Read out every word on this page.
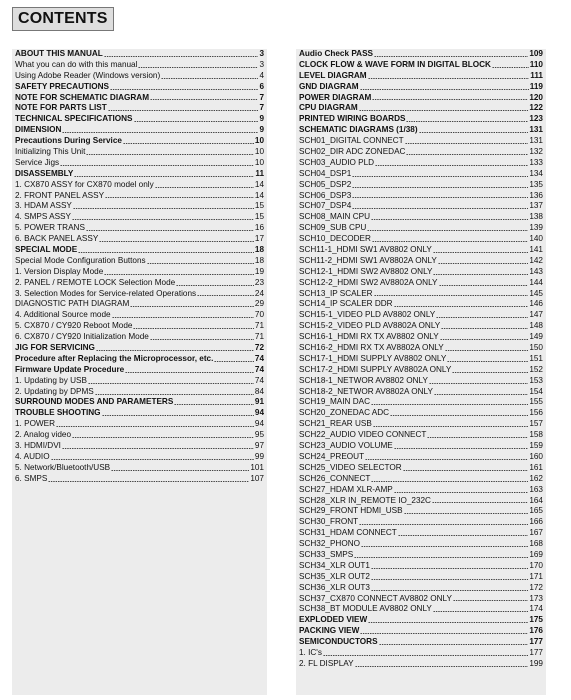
CONTENTS
ABOUT THIS MANUAL	3
What you can do with this manual	3
Using Adobe Reader (Windows version)	4
SAFETY PRECAUTIONS	6
NOTE FOR SCHEMATIC DIAGRAM	7
NOTE FOR PARTS LIST	7
TECHNICAL SPECIFICATIONS	9
DIMENSION	9
Precautions During Service	10
Initializing This Unit	10
Service Jigs	10
DISASSEMBLY	11
1. CX870 ASSY for CX870 model only	14
2. FRONT PANEL ASSY	14
3. HDAM ASSY	15
4. SMPS ASSY	15
5. POWER TRANS	16
6. BACK PANEL ASSY	17
SPECIAL MODE	18
Special Mode Configuration Buttons	18
1. Version Display Mode	19
2. PANEL / REMOTE LOCK Selection Mode	23
3. Selection Modes for Service-related Operations	24
DIAGNOSTIC PATH DIAGRAM	29
4. Additional Source mode	70
5. CX870 / CY920 Reboot Mode	71
6. CX870 / CY920 Initialization Mode	71
JIG FOR SERVICING	72
Procedure after Replacing the Microprocessor, etc.	74
Firmware Update Procedure	74
1. Updating by USB	74
2. Updating by DPMS	84
SURROUND MODES AND PARAMETERS	91
TROUBLE SHOOTING	94
1. POWER	94
2. Analog video	95
3. HDMI/DVI	97
4. AUDIO	99
5. Network/Bluetooth/USB	101
6. SMPS	107
Audio Check PASS	109
CLOCK FLOW & WAVE FORM IN DIGITAL BLOCK	110
LEVEL DIAGRAM	111
GND DIAGRAM	119
POWER DIAGRAM	120
CPU DIAGRAM	122
PRINTED WIRING BOARDS	123
SCHEMATIC DIAGRAMS (1/38)	131
SCH01_DIGITAL CONNECT	131
SCH02_DIR ADC ZONEDAC	132
SCH03_AUDIO PLD	133
SCH04_DSP1	134
SCH05_DSP2	135
SCH06_DSP3	136
SCH07_DSP4	137
SCH08_MAIN CPU	138
SCH09_SUB CPU	139
SCH10_DECODER	140
SCH11-1_HDMI SW1 AV8802 ONLY	141
SCH11-2_HDMI SW1 AV8802A ONLY	142
SCH12-1_HDMI SW2 AV8802 ONLY	143
SCH12-2_HDMI SW2 AV8802A ONLY	144
SCH13_IP SCALER	145
SCH14_IP SCALER DDR	146
SCH15-1_VIDEO PLD AV8802 ONLY	147
SCH15-2_VIDEO PLD AV8802A ONLY	148
SCH16-1_HDMI RX TX AV8802 ONLY	149
SCH16-2_HDMI RX TX AV8802A ONLY	150
SCH17-1_HDMI SUPPLY AV8802 ONLY	151
SCH17-2_HDMI SUPPLY AV8802A ONLY	152
SCH18-1_NETWOR AV8802 ONLY	153
SCH18-2_NETWOR AV8802A ONLY	154
SCH19_MAIN DAC	155
SCH20_ZONEDAC ADC	156
SCH21_REAR USB	157
SCH22_AUDIO VIDEO CONNECT	158
SCH23_AUDIO VOLUME	159
SCH24_PREOUT	160
SCH25_VIDEO SELECTOR	161
SCH26_CONNECT	162
SCH27_HDAM XLR-AMP	163
SCH28_XLR IN_REMOTE IO_232C	164
SCH29_FRONT HDMI_USB	165
SCH30_FRONT	166
SCH31_HDAM CONNECT	167
SCH32_PHONO	168
SCH33_SMPS	169
SCH34_XLR OUT1	170
SCH35_XLR OUT2	171
SCH36_XLR OUT3	172
SCH37_CX870 CONNECT AV8802 ONLY	173
SCH38_BT MODULE AV8802 ONLY	174
EXPLODED VIEW	175
PACKING VIEW	176
SEMICONDUCTORS	177
1. IC's	177
2. FL DISPLAY	199
